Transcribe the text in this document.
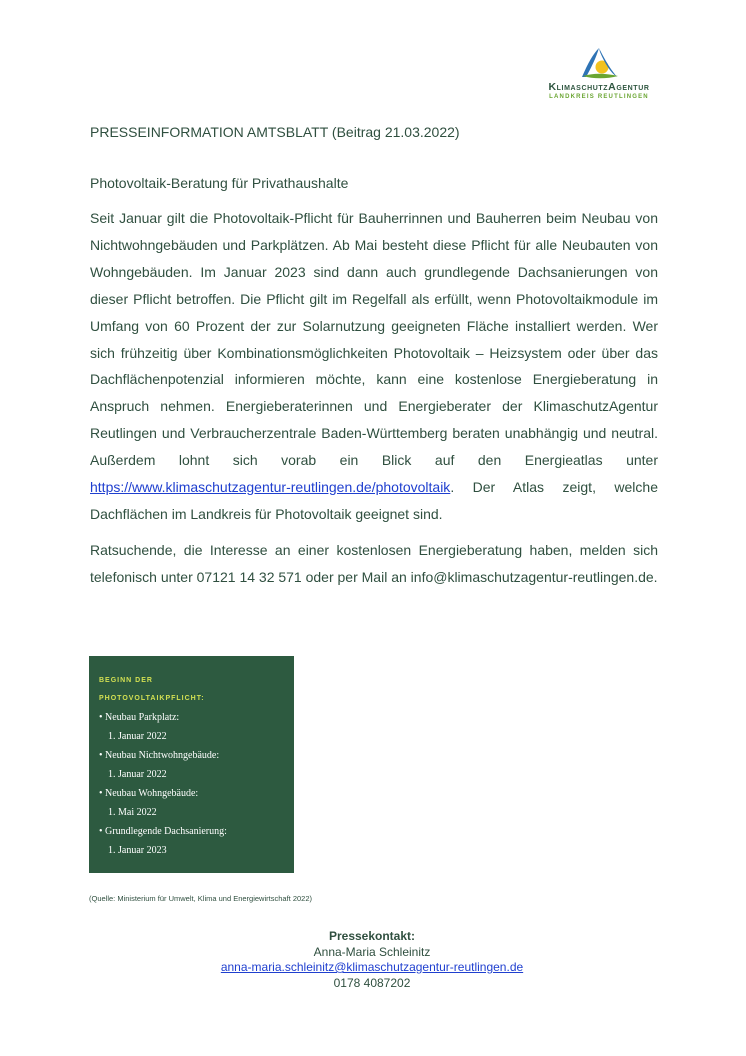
KlimaschutzAgentur
LANDKREIS REUTLINGEN
PRESSEINFORMATION AMTSBLATT (Beitrag 21.03.2022)
Photovoltaik-Beratung für Privathaushalte

Seit Januar gilt die Photovoltaik-Pflicht für Bauherrinnen und Bauherren beim Neubau von Nichtwohngebäuden und Parkplätzen. Ab Mai besteht diese Pflicht für alle Neubauten von Wohngebäuden. Im Januar 2023 sind dann auch grundlegende Dachsanierungen von dieser Pflicht betroffen. Die Pflicht gilt im Regelfall als erfüllt, wenn Photovoltaikmodule im Umfang von 60 Prozent der zur Solarnutzung geeigneten Fläche installiert werden. Wer sich frühzeitig über Kombinationsmöglichkeiten Photovoltaik – Heizsystem oder über das Dachflächenpotenzial informieren möchte, kann eine kostenlose Energieberatung in Anspruch nehmen. Energieberaterinnen und Energieberater der KlimaschutzAgentur Reutlingen und Verbraucherzentrale Baden-Württemberg beraten unabhängig und neutral. Außerdem lohnt sich vorab ein Blick auf den Energieatlas unter https://www.klimaschutzagentur-reutlingen.de/photovoltaik. Der Atlas zeigt, welche Dachflächen im Landkreis für Photovoltaik geeignet sind.

Ratsuchende, die Interesse an einer kostenlosen Energieberatung haben, melden sich telefonisch unter 07121 14 32 571 oder per Mail an info@klimaschutzagentur-reutlingen.de.

BEGINN DER
PHOTOVOLTAIKPFLICHT:
• Neubau Parkplatz:
1. Januar 2022
• Neubau Nichtwohngebäude:
1. Januar 2022
• Neubau Wohngebäude:
1. Mai 2022
• Grundlegende Dachsanierung:
1. Januar 2023
(Quelle: Ministerium für Umwelt, Klima und Energiewirtschaft 2022)
Pressekontakt:
Anna-Maria Schleinitz
anna-maria.schleinitz@klimaschutzagentur-reutlingen.de
0178 4087202
